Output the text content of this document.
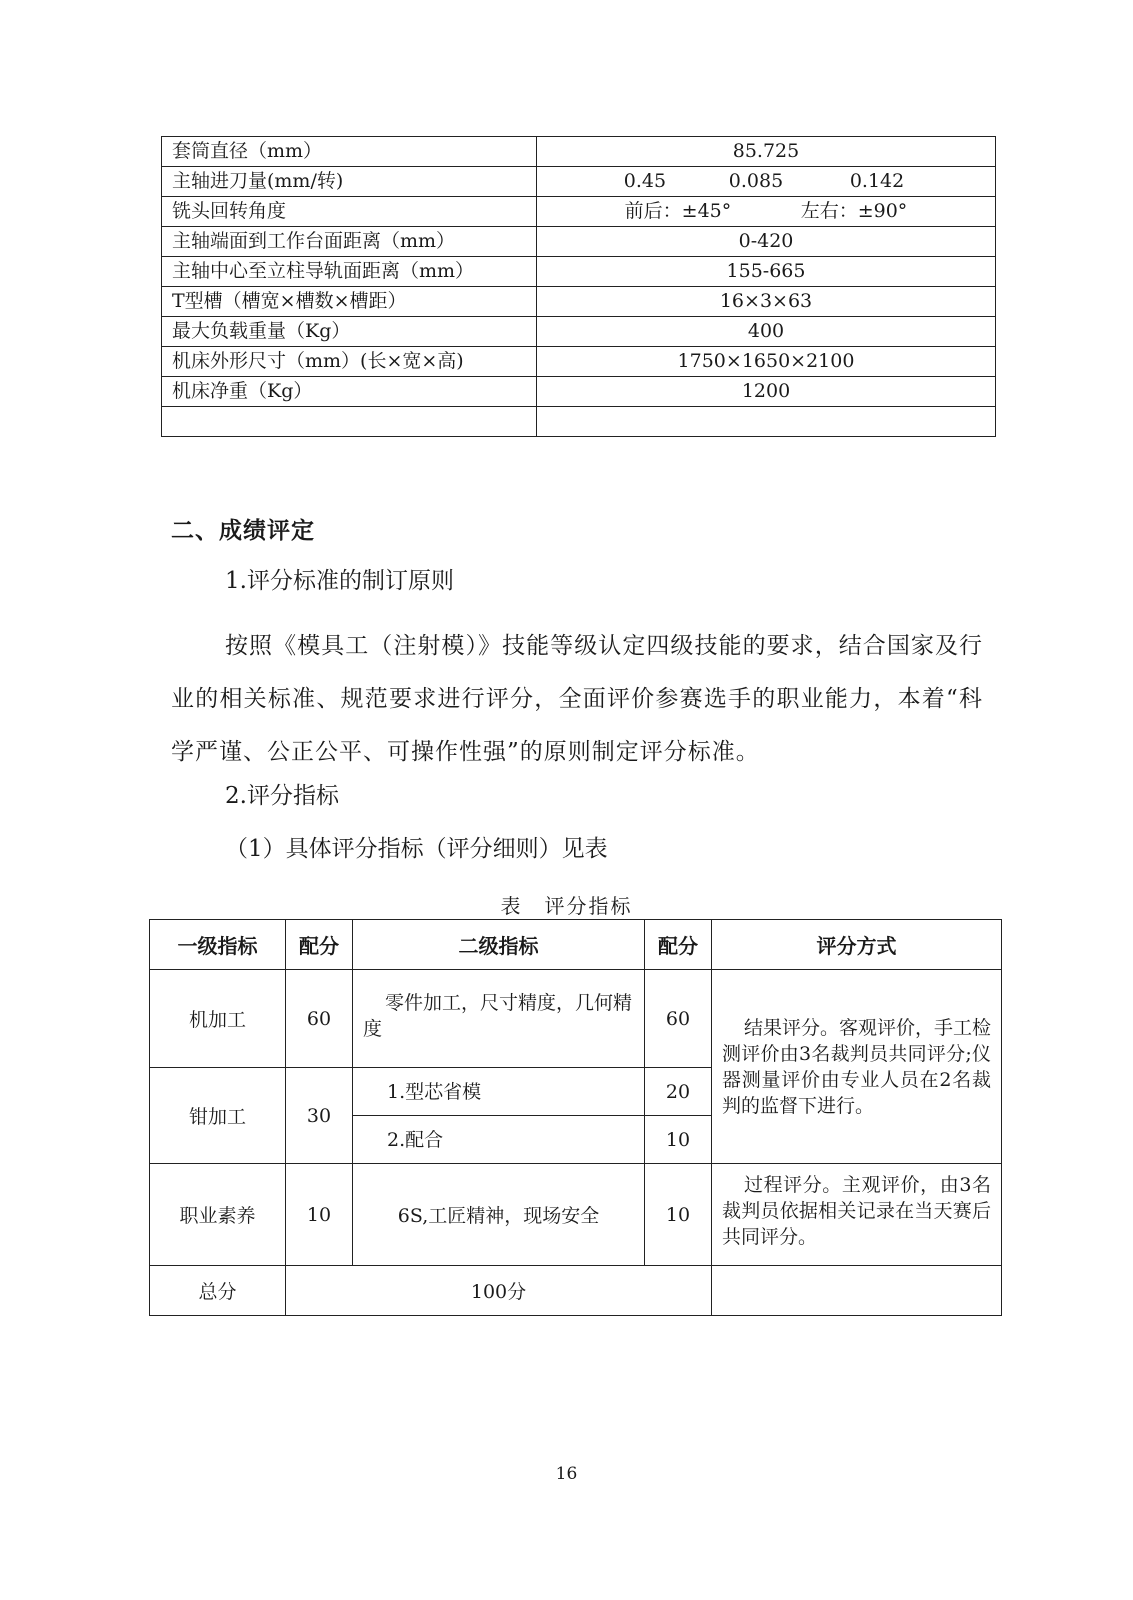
套筒直径（mm）	85.725
主轴进刀量(mm/转)	0.45 0.085 0.142
铣头回转角度	前后：±45° 左右：±90°
主轴端面到工作台面距离（mm）	0-420
主轴中心至立柱导轨面距离（mm）	155-665
T型槽（槽宽×槽数×槽距）	16×3×63
最大负载重量（Kg）	400
机床外形尺寸（mm）(长×宽×高)	1750×1650×2100
机床净重（Kg）	1200

二、成绩评定
1.评分标准的制订原则
按照《模具工（注射模）》技能等级认定四级技能的要求，结合国家及行业的相关标准、规范要求进行评分，全面评价参赛选手的职业能力，本着“科学严谨、公正公平、可操作性强”的原则制定评分标准。
2.评分指标
（1）具体评分指标（评分细则）见表
表　评分指标
一级指标	配分	二级指标	配分	评分方式
机加工	60	零件加工，尺寸精度，几何精度	60	结果评分。客观评价，手工检测评价由3名裁判员共同评分;仪器测量评价由专业人员在2名裁判的监督下进行。
钳加工	30	1.型芯省模	20	
		2.配合	10	
职业素养	10	6S,工匠精神，现场安全	10	过程评分。主观评价，由3名裁判员依据相关记录在当天赛后共同评分。
总分	100分			
16
